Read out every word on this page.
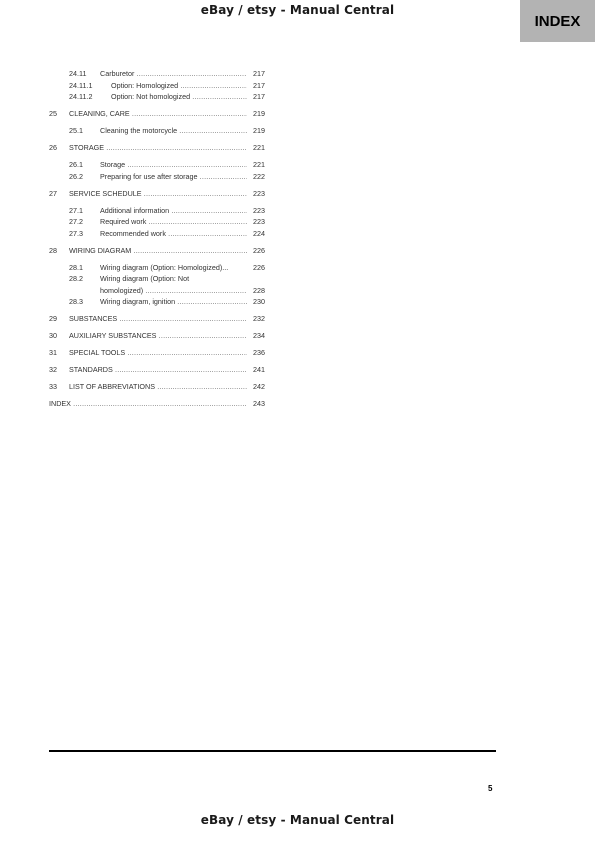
eBay / etsy - Manual Central
INDEX
24.11 Carburetor .....	217
24.11.1	Option: Homologized .....	217
24.11.2	Option: Not homologized .....	217
25 CLEANING, CARE .....	219
25.1 Cleaning the motorcycle .....	219
26 STORAGE .....	221
26.1 Storage .....	221
26.2 Preparing for use after storage .....	222
27 SERVICE SCHEDULE .....	223
27.1 Additional information .....	223
27.2 Required work .....	223
27.3 Recommended work .....	224
28 WIRING DIAGRAM .....	226
28.1 Wiring diagram (Option: Homologized)...	226
28.2 Wiring diagram (Option: Not
homologized) .....	228
28.3 Wiring diagram, ignition .....	230
29 SUBSTANCES .....	232
30 AUXILIARY SUBSTANCES .....	234
31 SPECIAL TOOLS .....	236
32 STANDARDS .....	241
33 LIST OF ABBREVIATIONS .....	242
INDEX .....	243
5
eBay / etsy - Manual Central
